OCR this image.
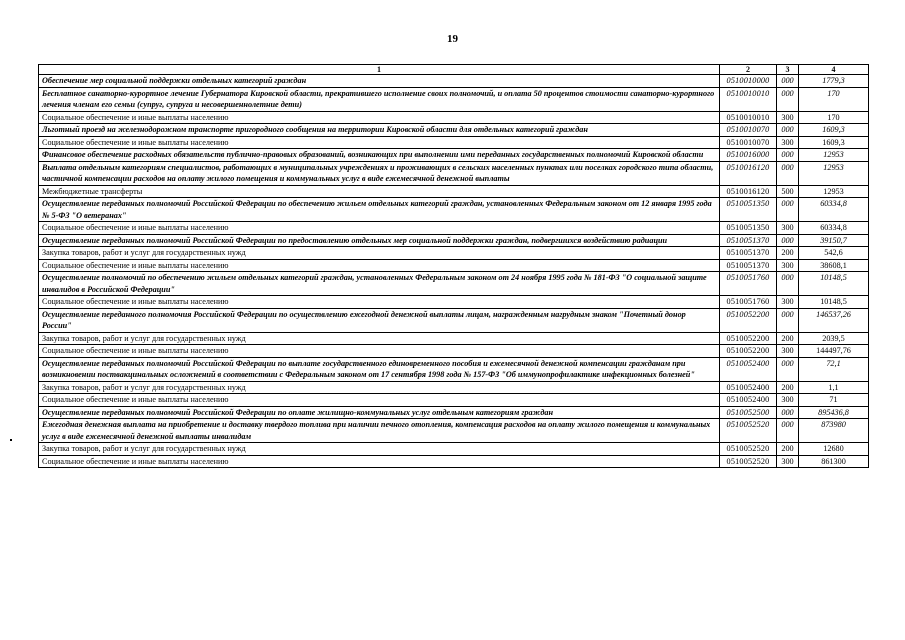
19
1	2	3	4
Обеспечение мер социальной поддержки отдельных категорий граждан	0510010000	000	1779,3
Бесплатное санаторно-курортное лечение Губернатора Кировской области, прекратившего исполнение своих полномочий, и оплата 50 процентов стоимости санаторно-курортного лечения членам его семьи (супруг, супруга и несовершеннолетние дети)	0510010010	000	170
Социальное обеспечение и иные выплаты населению	0510010010	300	170
Льготный проезд на железнодорожном транспорте пригородного сообщения на территории Кировской области для отдельных категорий граждан	0510010070	000	1609,3
Социальное обеспечение и иные выплаты населению	0510010070	300	1609,3
Финансовое обеспечение расходных обязательств публично-правовых образований, возникающих при выполнении ими переданных государственных полномочий Кировской области	0510016000	000	12953
Выплата отдельным категориям специалистов, работающих в муниципальных учреждениях и проживающих в сельских населенных пунктах или поселках городского типа области, частичной компенсации расходов на оплату жилого помещения и коммунальных услуг в виде ежемесячной денежной выплаты	0510016120	000	12953
Межбюджетные трансферты	0510016120	500	12953
Осуществление переданных полномочий Российской Федерации по обеспечению жильем отдельных категорий граждан, установленных Федеральным законом от 12 января 1995 года № 5-ФЗ "О ветеранах"	0510051350	000	60334,8
Социальное обеспечение и иные выплаты населению	0510051350	300	60334,8
Осуществление переданных полномочий Российской Федерации по предоставлению отдельных мер социальной поддержки граждан, подвергшихся воздействию радиации	0510051370	000	39150,7
Закупка товаров, работ и услуг для государственных нужд	0510051370	200	542,6
Социальное обеспечение и иные выплаты населению	0510051370	300	38608,1
Осуществление полномочий по обеспечению жильем отдельных категорий граждан, установленных Федеральным законом от 24 ноября 1995 года № 181-ФЗ "О социальной защите инвалидов в Российской Федерации"	0510051760	000	10148,5
Социальное обеспечение и иные выплаты населению	0510051760	300	10148,5
Осуществление переданного полномочия Российской Федерации по осуществлению ежегодной денежной выплаты лицам, награжденным нагрудным знаком "Почетный донор России"	0510052200	000	146537,26
Закупка товаров, работ и услуг для государственных нужд	0510052200	200	2039,5
Социальное обеспечение и иные выплаты населению	0510052200	300	144497,76
Осуществление переданных полномочий Российской Федерации по выплате государственного единовременного пособия и ежемесячной денежной компенсации гражданам при возникновении поствакцинальных осложнений в соответствии с Федеральным законом от 17 сентября 1998 года № 157-ФЗ "Об иммунопрофилактике инфекционных болезней"	0510052400	000	72,1
Закупка товаров, работ и услуг для государственных нужд	0510052400	200	1,1
Социальное обеспечение и иные выплаты населению	0510052400	300	71
Осуществление переданных полномочий Российской Федерации по оплате жилищно-коммунальных услуг отдельным категориям граждан	0510052500	000	895436,8
Ежегодная денежная выплата на приобретение и доставку твердого топлива при наличии печного отопления, компенсация расходов на оплату жилого помещения и коммунальных услуг в виде ежемесячной денежной выплаты инвалидам	0510052520	000	873980
Закупка товаров, работ и услуг для государственных нужд	0510052520	200	12680
Социальное обеспечение и иные выплаты населению	0510052520	300	861300
